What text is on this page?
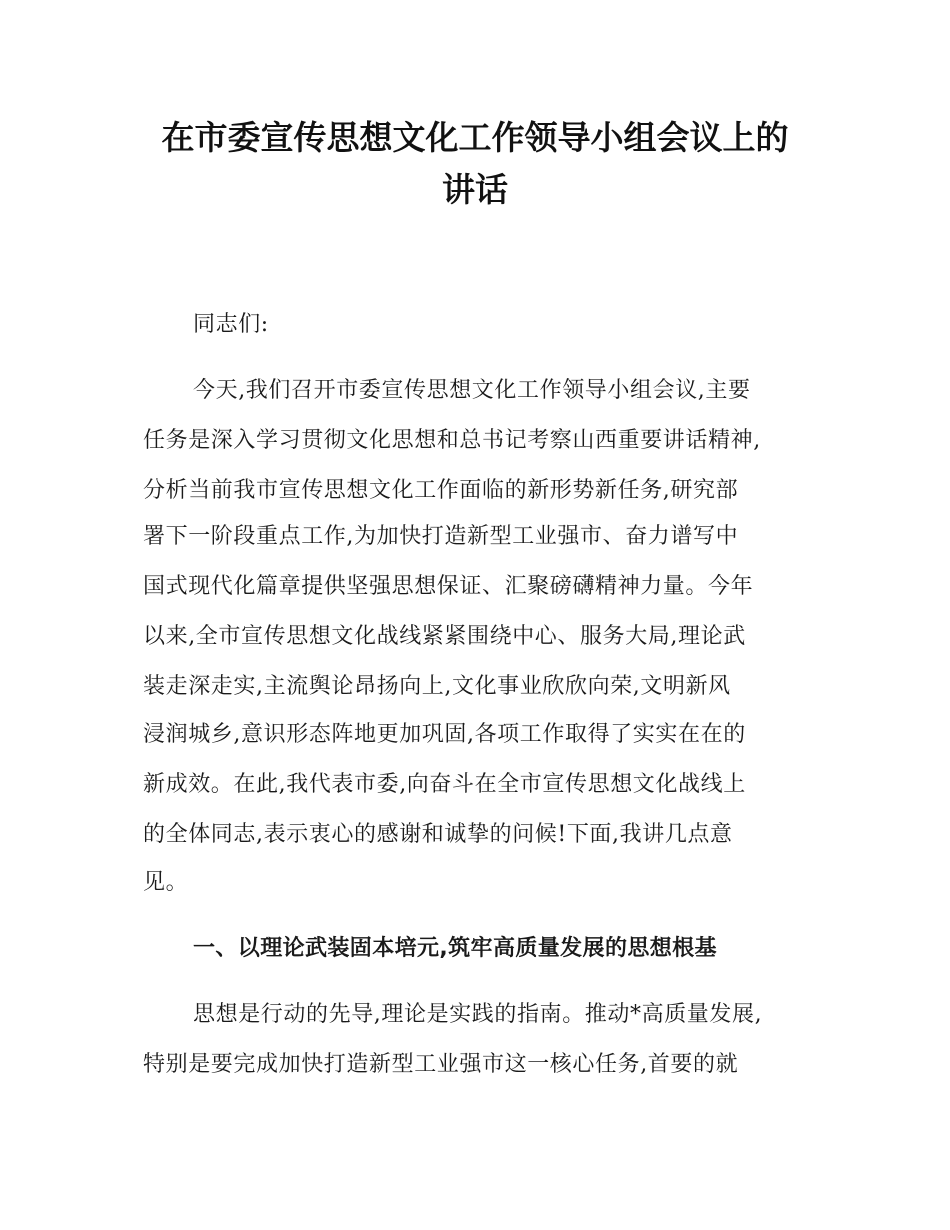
在市委宣传思想文化工作领导小组会议上的
讲话
同志们:
今天,我们召开市委宣传思想文化工作领导小组会议,主要
任务是深入学习贯彻文化思想和总书记考察山西重要讲话精神,
分析当前我市宣传思想文化工作面临的新形势新任务,研究部
署下一阶段重点工作,为加快打造新型工业强市、奋力谱写中
国式现代化篇章提供坚强思想保证、汇聚磅礴精神力量。今年
以来,全市宣传思想文化战线紧紧围绕中心、服务大局,理论武
装走深走实,主流舆论昂扬向上,文化事业欣欣向荣,文明新风
浸润城乡,意识形态阵地更加巩固,各项工作取得了实实在在的
新成效。在此,我代表市委,向奋斗在全市宣传思想文化战线上
的全体同志,表示衷心的感谢和诚挚的问候!下面,我讲几点意
见。
一、以理论武装固本培元,筑牢高质量发展的思想根基
思想是行动的先导,理论是实践的指南。推动*高质量发展,
特别是要完成加快打造新型工业强市这一核心任务,首要的就
